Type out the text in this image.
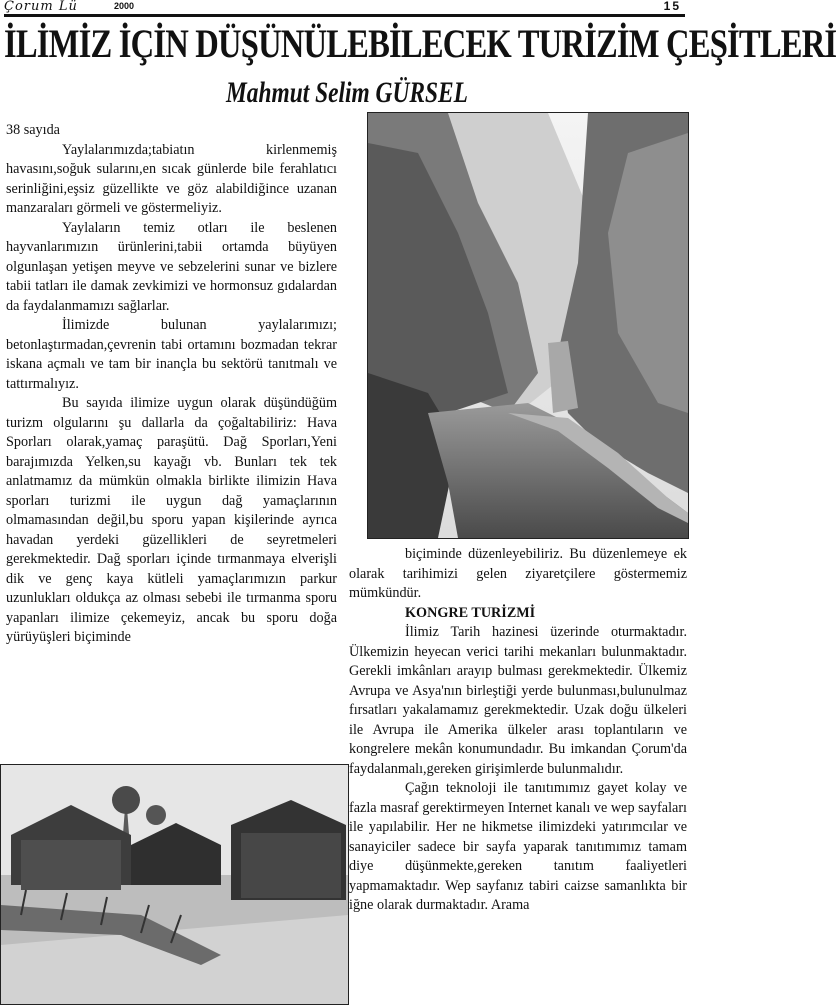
Çorum Lü	2000	15
İLİMİZ İÇİN DÜŞÜNÜLEBİLECEK TURİZİM ÇEŞİTLERİ
Mahmut Selim GÜRSEL

38 sayıda

Yaylalarımızda;tabiatın kirlenmemiş havasını,soğuk sularını,en sıcak günlerde bile ferahlatıcı serinliğini,eşsiz güzellikte ve göz alabildiğince uzanan manzaraları görmeli ve göstermeliyiz.

Yaylaların temiz otları ile beslenen hayvanlarımızın ürünlerini,tabii ortamda büyüyen olgunlaşan yetişen meyve ve sebzelerini sunar ve bizlere tabii tatları ile damak zevkimizi ve hormonsuz gıdalardan da faydalanmamızı sağlarlar.

İlimizde bulunan yaylalarımızı; betonlaştırmadan,çevrenin tabi ortamını bozmadan tekrar iskana açmalı ve tam bir inançla bu sektörü tanıtmalı ve tattırmalıyız.

Bu sayıda ilimize uygun olarak düşündüğüm turizm olgularını şu dallarla da çoğaltabiliriz: Hava Sporları olarak,yamaç paraşütü. Dağ Sporları,Yeni barajımızda Yelken,su kayağı vb. Bunları tek tek anlatmamız da mümkün olmakla birlikte ilimizin Hava sporları turizmi ile uygun dağ yamaçlarının olmamasından değil,bu sporu yapan kişilerinde ayrıca havadan yerdeki güzellikleri de seyretmeleri gerekmektedir. Dağ sporları içinde tırmanmaya elverişli dik ve genç kaya kütleli yamaçlarımızın parkur uzunlukları oldukça az olması sebebi ile tırmanma sporu yapanları ilimize çekemeyiz, ancak bu sporu doğa yürüyüşleri biçiminde

biçiminde düzenleyebiliriz. Bu düzenlemeye ek olarak tarihimizi gelen ziyaretçilere göstermemiz mümkündür.

KONGRE TURİZMİ

İlimiz Tarih hazinesi üzerinde oturmaktadır. Ülkemizin heyecan verici tarihi mekanları bulunmaktadır. Gerekli imkânları arayıp bulması gerekmektedir. Ülkemiz Avrupa ve Asya'nın birleştiği yerde bulunması,bulunulmaz fırsatları yakalamamız gerekmektedir. Uzak doğu ülkeleri ile Avrupa ile Amerika ülkeler arası toplantıların ve kongrelere mekân konumundadır. Bu imkandan Çorum'da faydalanmalı,gereken girişimlerde bulunmalıdır.

Çağın teknoloji ile tanıtımımız gayet kolay ve fazla masraf gerektirmeyen Internet kanalı ve wep sayfaları ile yapılabilir. Her ne hikmetse ilimizdeki yatırımcılar ve sanayiciler sadece bir sayfa yaparak tanıtımımız tamam diye düşünmekte,gereken tanıtım faaliyetleri yapmamaktadır. Wep sayfanız tabiri caizse samanlıkta bir iğne olarak durmaktadır. Arama
